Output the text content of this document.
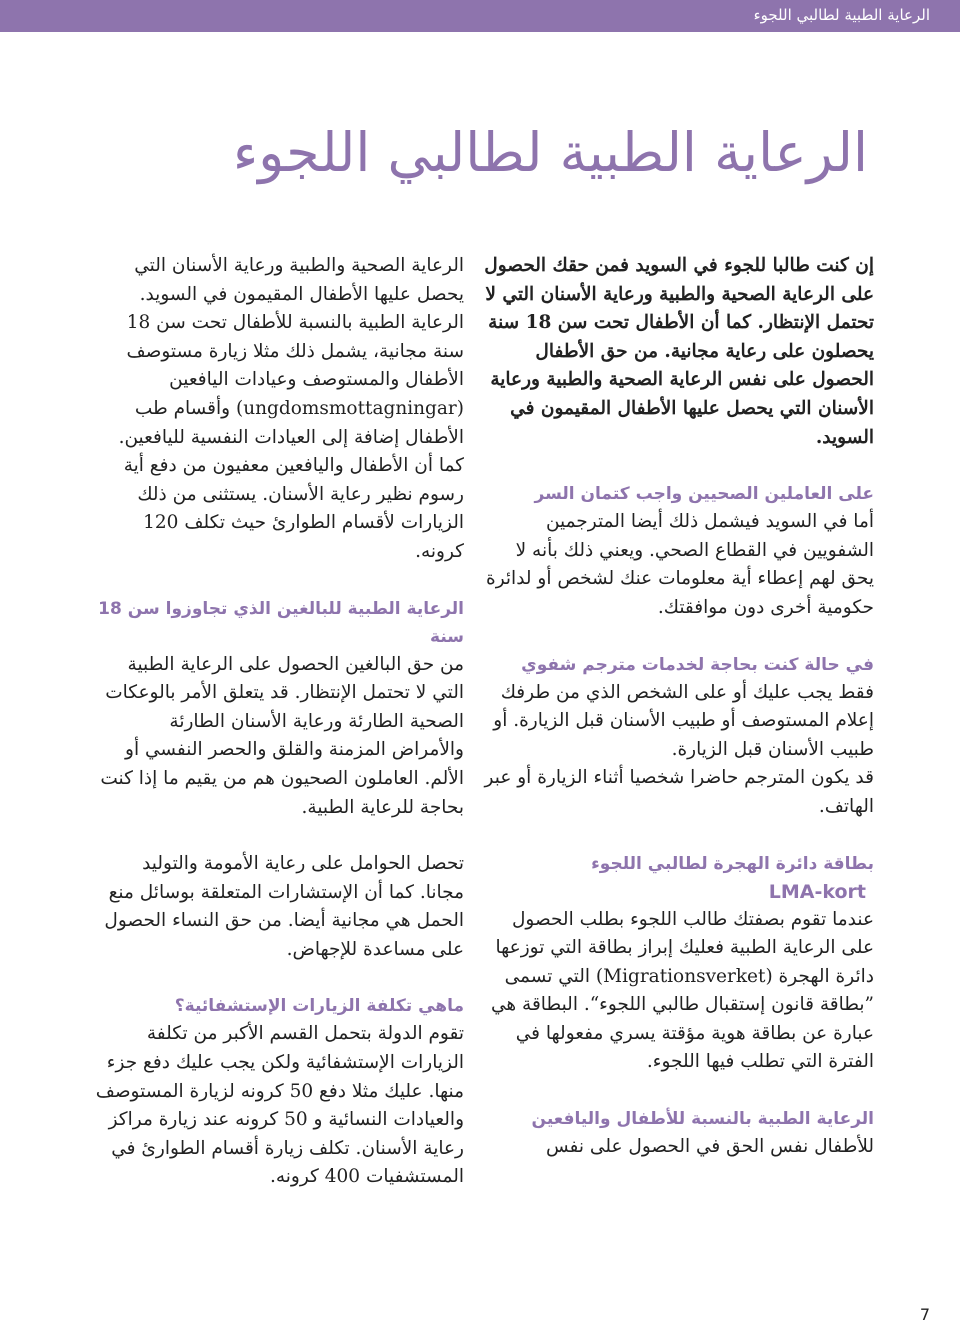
الرعاية الطبية لطالبي اللجوء
الرعاية الطبية لطالبي اللجوء

إن كنت طالبا للجوء في السويد فمن حقك الحصول على الرعاية الصحية والطبية ورعاية الأسنان التي لا تحتمل الإنتظار. كما أن الأطفال تحت سن 18 سنة يحصلون على رعاية مجانية. من حق الأطفال الحصول على نفس الرعاية الصحية والطبية ورعاية الأسنان التي يحصل عليها الأطفال المقيمون في السويد.

على العاملين الصحيين واجب كتمان السر

أما في السويد فيشمل ذلك أيضا المترجمين الشفويين في القطاع الصحي. ويعني ذلك بأنه لا يحق لهم إعطاء أية معلومات عنك لشخص أو لدائرة حكومية أخرى دون موافقتك.

في حالة كنت بحاجة لخدمات مترجم شفوي

فقط يجب عليك أو على الشخص الذي من طرفك إعلام المستوصف أو طبيب الأسنان قبل الزيارة. أو طبيب الأسنان قبل الزيارة.

قد يكون المترجم حاضرا شخصيا أثناء الزيارة أو عبر الهاتف.

بطاقة دائرة الهجرة لطالبي اللجوء

LMA-kort

عندما تقوم بصفتك طالب اللجوء بطلب الحصول على الرعاية الطبية فعليك إبراز بطاقة التي توزعها دائرة الهجرة (Migrationsverket) التي تسمى ”بطاقة قانون إستقبال طالبي اللجوء“. البطاقة هي عبارة عن بطاقة هوية مؤقتة يسري مفعولها في الفترة التي تطلب فيها اللجوء.

الرعاية الطبية بالنسبة للأطفال واليافعين

للأطفال نفس الحق في الحصول على نفس

الرعاية الصحية والطبية ورعاية الأسنان التي يحصل عليها الأطفال المقيمون في السويد. الرعاية الطبية بالنسبة للأطفال تحت سن 18 سنة مجانية، يشمل ذلك مثلا زيارة مستوصف الأطفال والمستوصف وعيادات اليافعين (ungdomsmottagningar) وأقسام طب الأطفال إضافة إلى العيادات النفسية لليافعين. كما أن الأطفال واليافعين معفيون من دفع أية رسوم نظير رعاية الأسنان. يستثنى من ذلك الزيارات لأقسام الطوارئ حيث تكلف 120 كرونه.

الرعاية الطبية للبالغين الذي تجاوزوا سن 18 سنة

من حق البالغين الحصول على الرعاية الطبية التي لا تحتمل الإنتظار. قد يتعلق الأمر بالوعكات الصحية الطارئة ورعاية الأسنان الطارئة والأمراض المزمنة والقلق والحصر النفسي أو الألم. العاملون الصحيون هم من يقيم ما إذا كنت بحاجة للرعاية الطبية.

تحصل الحوامل على رعاية الأمومة والتوليد مجانا. كما أن الإستشارات المتعلقة بوسائل منع الحمل هي مجانية أيضا. من حق النساء الحصول على مساعدة للإجهاض.

ماهي تكلفة الزيارات الإستشفائية؟

تقوم الدولة بتحمل القسم الأكبر من تكلفة الزيارات الإستشفائية ولكن يجب عليك دفع جزء منها. عليك مثلا دفع 50 كرونه لزيارة المستوصف والعيادات النسائية و 50 كرونه عند زيارة مراكز رعاية الأسنان. تكلف زيارة أقسام الطوارئ في المستشفيات 400 كرونه.

7
